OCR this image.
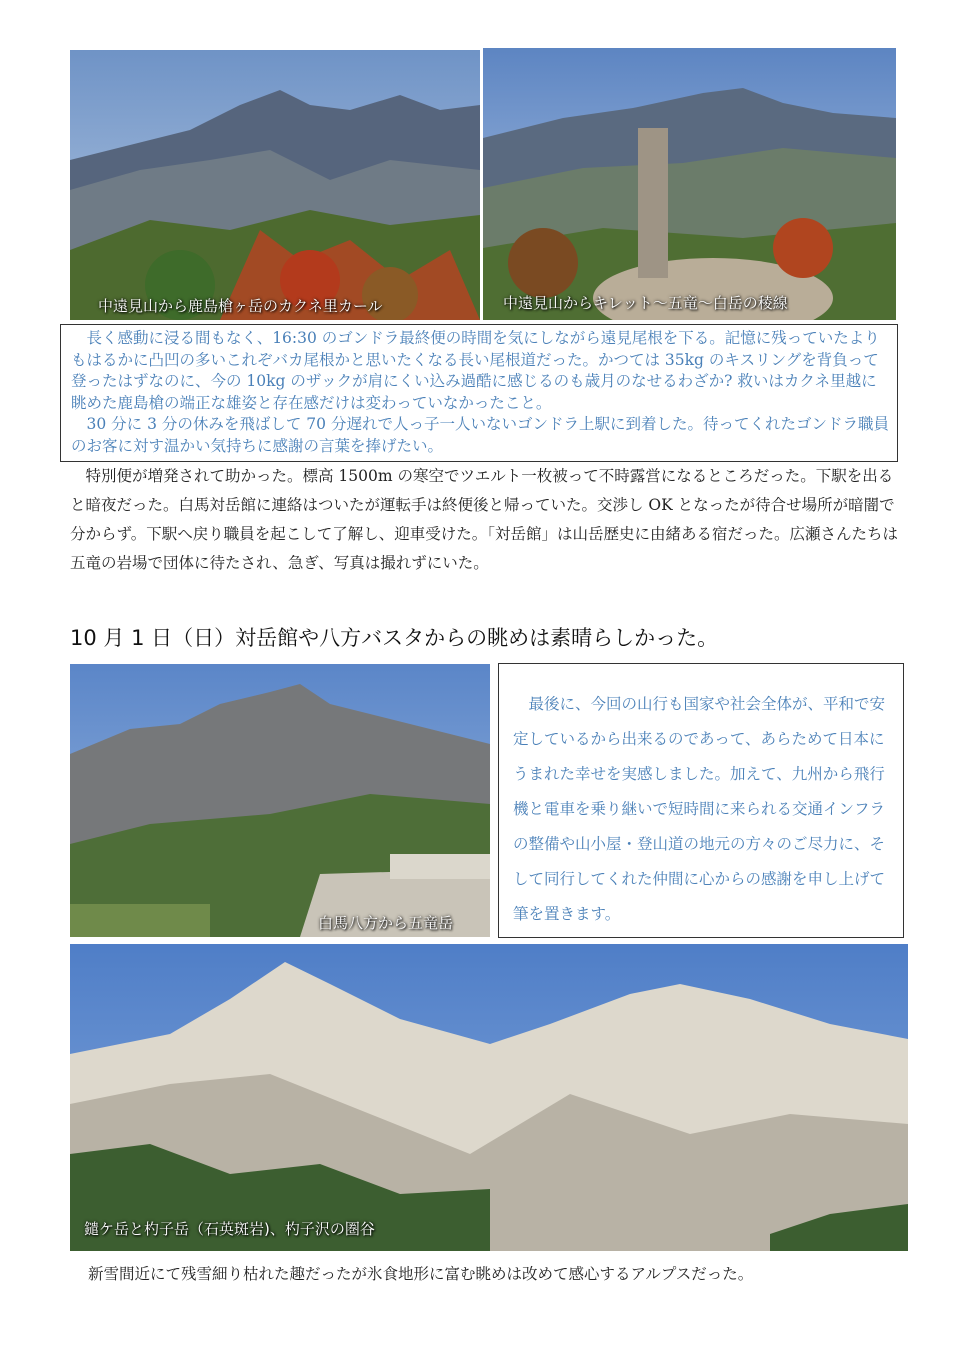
中遠見山から鹿島槍ヶ岳のカクネ里カール	中遠見山からキレット～五竜～白岳の稜線

長く感動に浸る間もなく、16:30 のゴンドラ最終便の時間を気にしながら遠見尾根を下る。記憶に残っていたよりもはるかに凸凹の多いこれぞバカ尾根かと思いたくなる長い尾根道だった。かつては 35kg のキスリングを背負って登ったはずなのに、今の 10kg のザックが肩にくい込み過酷に感じるのも歳月のなせるわざか? 救いはカクネ里越に眺めた鹿島槍の端正な雄姿と存在感だけは変わっていなかったこと。

30 分に 3 分の休みを飛ばして 70 分遅れで人っ子一人いないゴンドラ上駅に到着した。待ってくれたゴンドラ職員のお客に対す温かい気持ちに感謝の言葉を捧げたい。

特別便が増発されて助かった。標高 1500m の寒空でツエルト一枚被って不時露営になるところだった。下駅を出ると暗夜だった。白馬対岳館に連絡はついたが運転手は終便後と帰っていた。交渉し OK となったが待合せ場所が暗闇で分からず。下駅へ戻り職員を起こして了解し、迎車受けた。「対岳館」は山岳歴史に由緒ある宿だった。広瀬さんたちは五竜の岩場で団体に待たされ、急ぎ、写真は撮れずにいた。

10 月 1 日（日）対岳館や八方バスタからの眺めは素晴らしかった。
白馬八方から五竜岳

最後に、今回の山行も国家や社会全体が、平和で安定しているから出来るのであって、あらためて日本にうまれた幸せを実感しました。加えて、九州から飛行機と電車を乗り継いで短時間に来られる交通インフラの整備や山小屋・登山道の地元の方々のご尽力に、そして同行してくれた仲間に心からの感謝を申し上げて筆を置きます。

鑓ケ岳と杓子岳（石英斑岩)、杓子沢の圏谷
新雪間近にて残雪細り枯れた趣だったが氷食地形に富む眺めは改めて感心するアルプスだった。
